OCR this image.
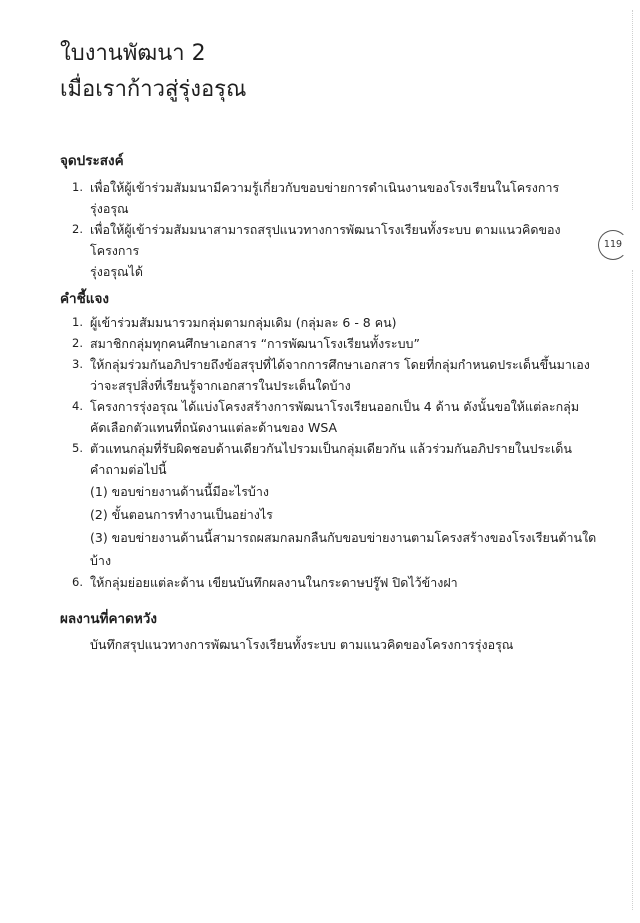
ใบงานพัฒนา 2
เมื่อเราก้าวสู่รุ่งอรุณ
จุดประสงค์
1. เพื่อให้ผู้เข้าร่วมสัมมนามีความรู้เกี่ยวกับขอบข่ายการดำเนินงานของโรงเรียนในโครงการ
รุ่งอรุณ
2. เพื่อให้ผู้เข้าร่วมสัมมนาสามารถสรุปแนวทางการพัฒนาโรงเรียนทั้งระบบ ตามแนวคิดของโครงการ
รุ่งอรุณได้
119
คำชี้แจง
1. ผู้เข้าร่วมสัมมนารวมกลุ่มตามกลุ่มเดิม (กลุ่มละ 6 - 8 คน)
2. สมาชิกกลุ่มทุกคนศึกษาเอกสาร “การพัฒนาโรงเรียนทั้งระบบ”
3. ให้กลุ่มร่วมกันอภิปรายถึงข้อสรุปที่ได้จากการศึกษาเอกสาร โดยที่กลุ่มกำหนดประเด็นขึ้นมาเอง
ว่าจะสรุปสิ่งที่เรียนรู้จากเอกสารในประเด็นใดบ้าง
4. โครงการรุ่งอรุณ ได้แบ่งโครงสร้างการพัฒนาโรงเรียนออกเป็น 4 ด้าน ดังนั้นขอให้แต่ละกลุ่ม
คัดเลือกตัวแทนที่ถนัดงานแต่ละด้านของ WSA
5. ตัวแทนกลุ่มที่รับผิดชอบด้านเดียวกันไปรวมเป็นกลุ่มเดียวกัน แล้วร่วมกันอภิปรายในประเด็น
คำถามต่อไปนี้
(1) ขอบข่ายงานด้านนี้มีอะไรบ้าง
(2) ขั้นตอนการทำงานเป็นอย่างไร
(3) ขอบข่ายงานด้านนี้สามารถผสมกลมกลืนกับขอบข่ายงานตามโครงสร้างของโรงเรียนด้านใดบ้าง
6. ให้กลุ่มย่อยแต่ละด้าน เขียนบันทึกผลงานในกระดาษปรู๊ฟ ปิดไว้ข้างฝา
ผลงานที่คาดหวัง
บันทึกสรุปแนวทางการพัฒนาโรงเรียนทั้งระบบ ตามแนวคิดของโครงการรุ่งอรุณ
